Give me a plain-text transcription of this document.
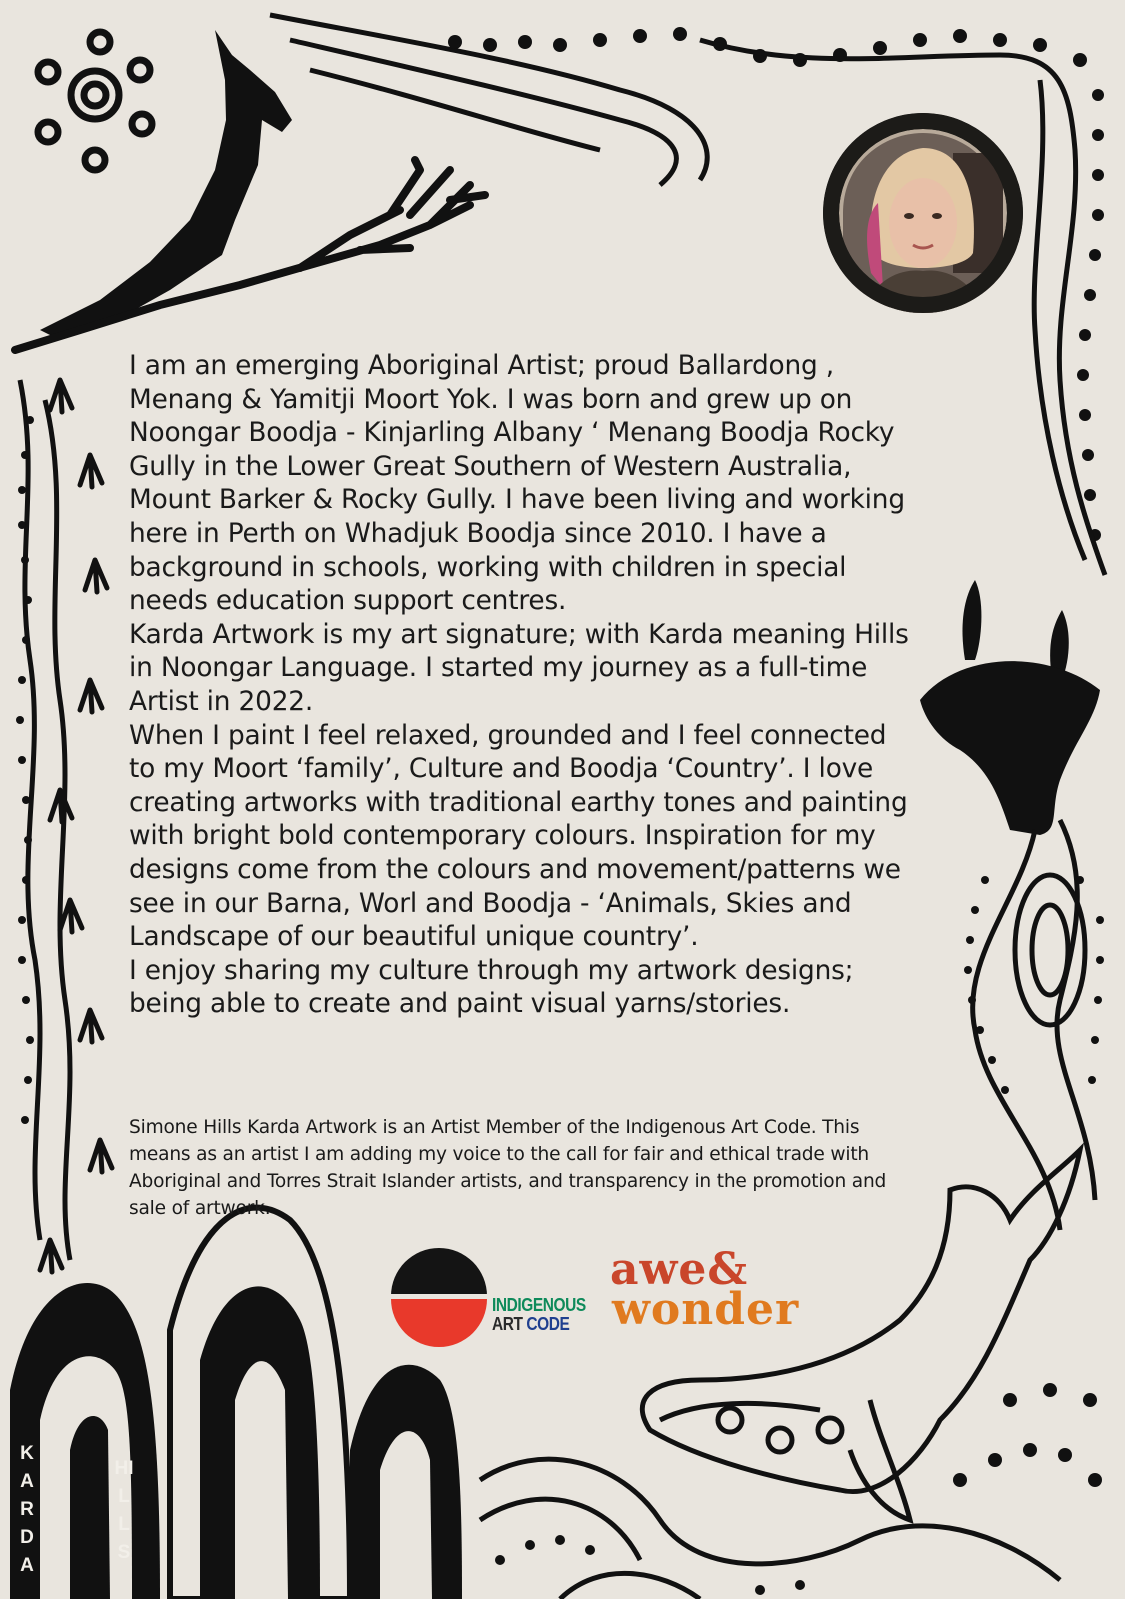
Manatj

I am an emerging Aboriginal Artist; proud Ballardong , Menang & Yamitji Moort Yok. I was born and grew up on Noongar Boodja - Kinjarling Albany ‘ Menang Boodja Rocky Gully in the Lower Great Southern of Western Australia, Mount Barker & Rocky Gully. I have been living and working here in Perth on Whadjuk Boodja since 2010. I have a background in schools, working with children in special needs education support centres.

Karda Artwork is my art signature; with Karda meaning Hills in Noongar Language. I started my journey as a full-time Artist in 2022.

When I paint I feel relaxed, grounded and I feel connected to my Moort ‘family’, Culture and Boodja ‘Country’. I love creating artworks with traditional earthy tones and painting with bright bold contemporary colours. Inspiration for my designs come from the colours and movement/patterns we see in our Barna, Worl and Boodja - ‘Animals, Skies and Landscape of our beautiful unique country’.

I enjoy sharing my culture through my artwork designs; being able to create and paint visual yarns/stories.

Simone Hills Karda Artwork is an Artist Member of the Indigenous Art Code. This means as an artist I am adding my voice to the call for fair and ethical trade with Aboriginal and Torres Strait Islander artists, and transparency in the promotion and sale of artwork.
INDIGENOUS
ART CODE
awe&
wonder
KARDA
HILLS
